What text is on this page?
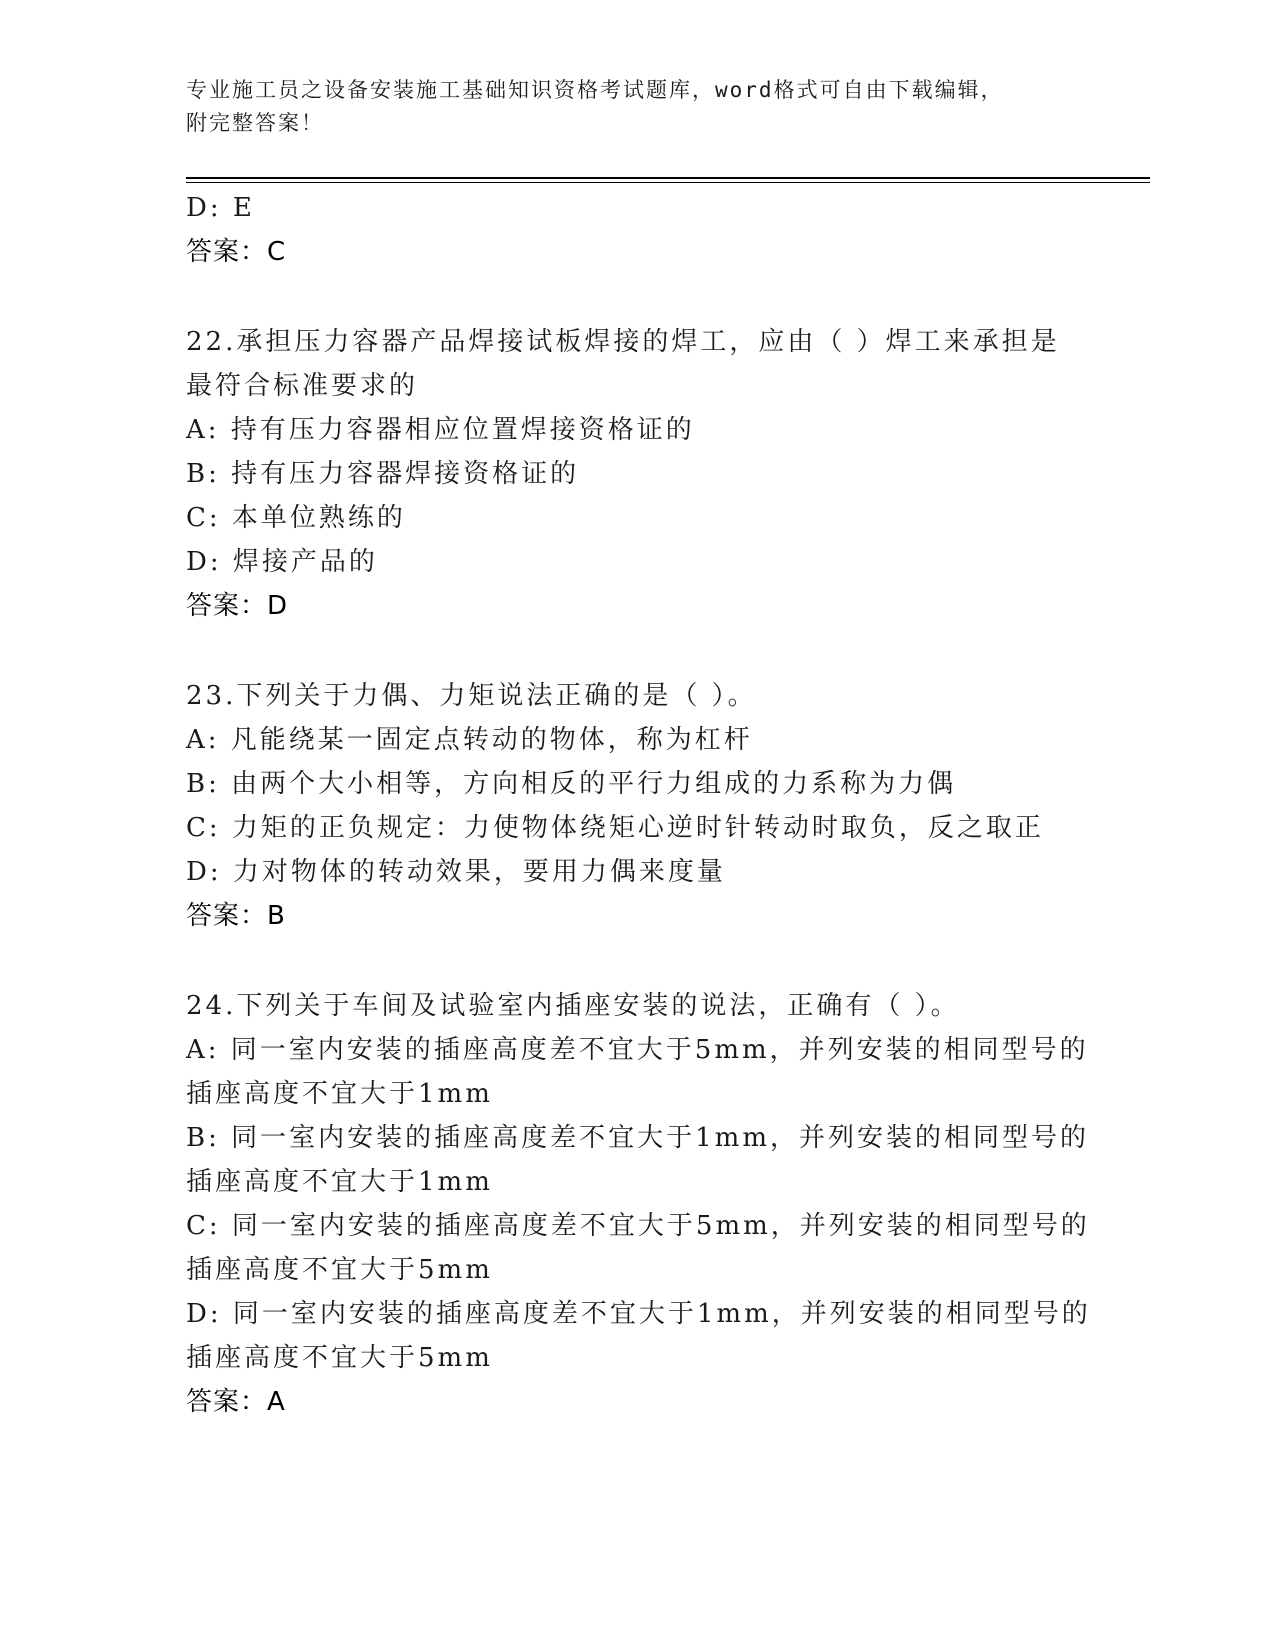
专业施工员之设备安装施工基础知识资格考试题库，word格式可自由下载编辑，
附完整答案！
D: E
答案：C
22.承担压力容器产品焊接试板焊接的焊工，应由（ ）焊工来承担是
最符合标准要求的
A: 持有压力容器相应位置焊接资格证的
B: 持有压力容器焊接资格证的
C: 本单位熟练的
D: 焊接产品的
答案：D
23.下列关于力偶、力矩说法正确的是（ ）。
A: 凡能绕某一固定点转动的物体，称为杠杆
B: 由两个大小相等，方向相反的平行力组成的力系称为力偶
C: 力矩的正负规定：力使物体绕矩心逆时针转动时取负，反之取正
D: 力对物体的转动效果，要用力偶来度量
答案：B
24.下列关于车间及试验室内插座安装的说法，正确有（ ）。
A: 同一室内安装的插座高度差不宜大于5mm，并列安装的相同型号的
插座高度不宜大于1mm
B: 同一室内安装的插座高度差不宜大于1mm，并列安装的相同型号的
插座高度不宜大于1mm
C: 同一室内安装的插座高度差不宜大于5mm，并列安装的相同型号的
插座高度不宜大于5mm
D: 同一室内安装的插座高度差不宜大于1mm，并列安装的相同型号的
插座高度不宜大于5mm
答案：A
